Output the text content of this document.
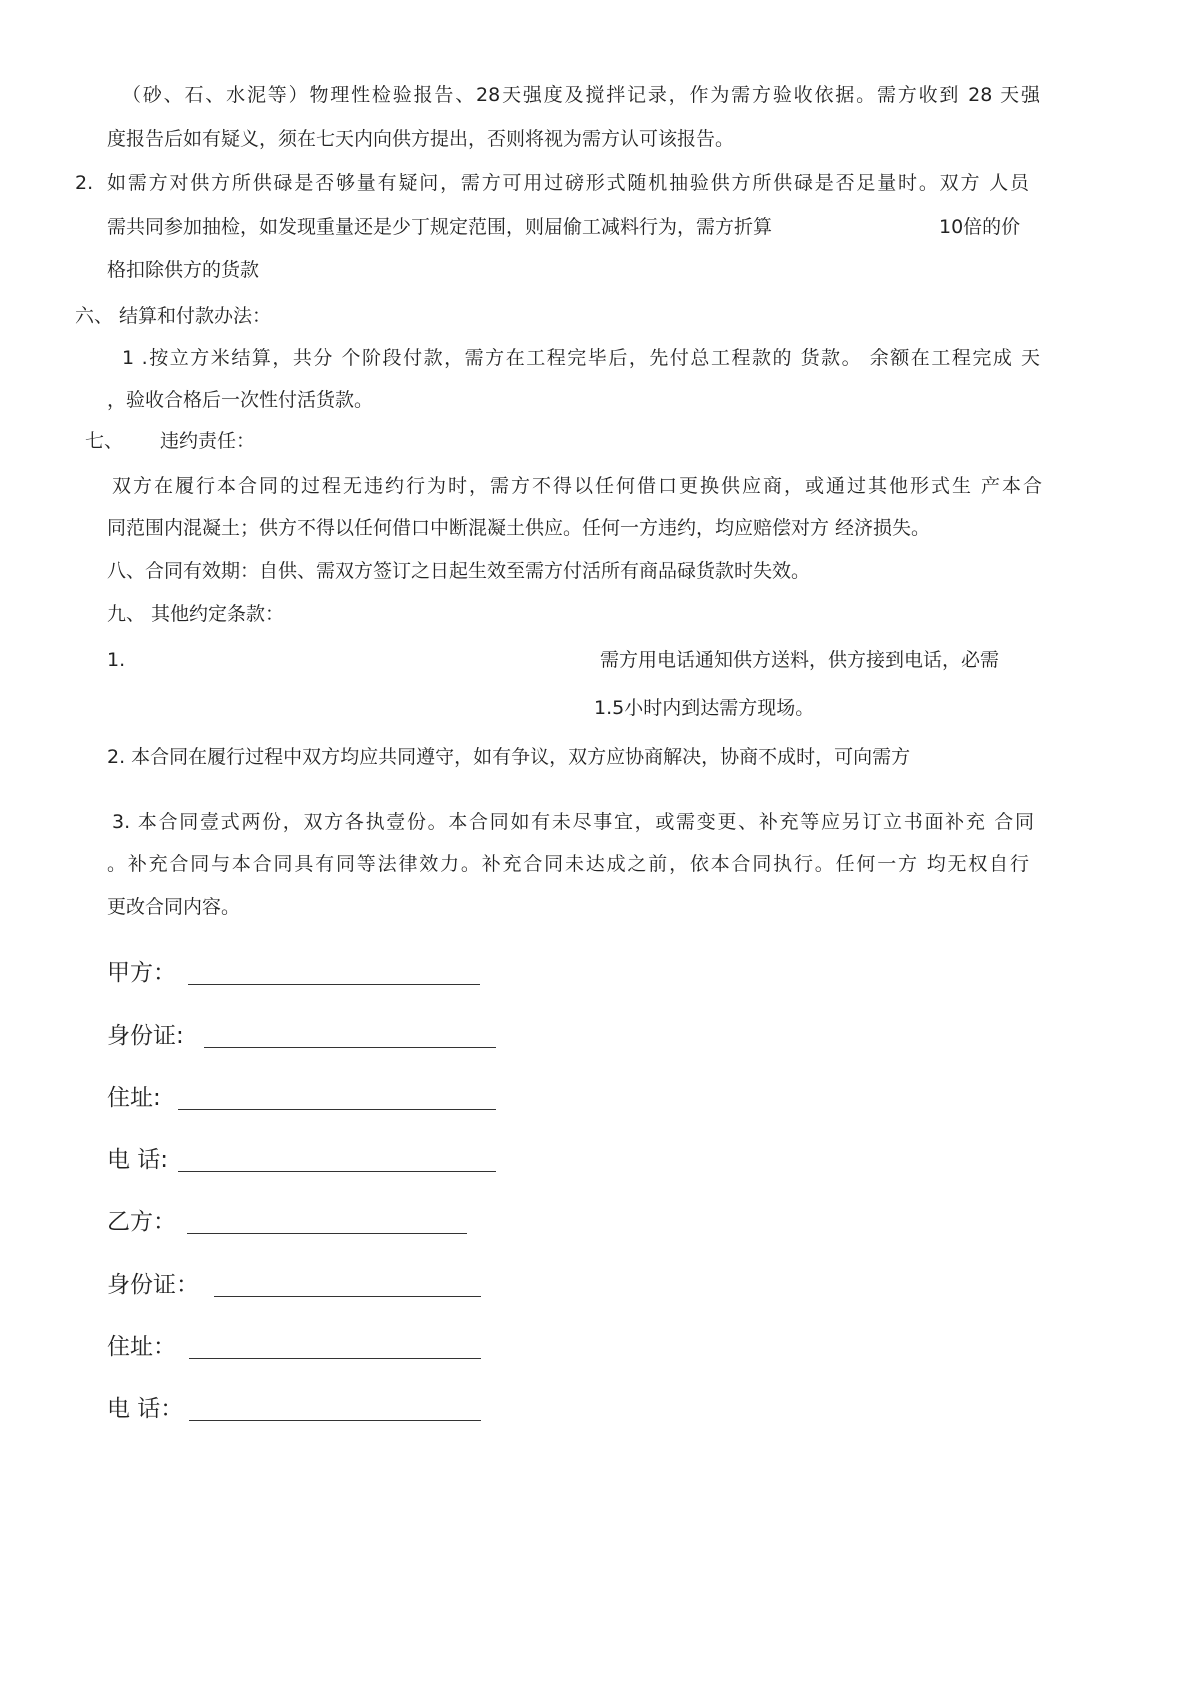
（砂、石、水泥等）物理性检验报告、28天强度及搅拌记录，作为需方验收依据。需方收到 28 天强
度报告后如有疑义，须在七天内向供方提出，否则将视为需方认可该报告。
2. 如需方对供方所供碌是否够量有疑问，需方可用过磅形式随机抽验供方所供碌是否足量时。双方 人员
需共同参加抽检，如发现重量还是少丁规定范围，则屇偷工减料行为，需方折算	10倍的价
格扣除供方的货款
六、 结算和付款办法：
1 .按立方米结算，共分 个阶段付款，需方在工程完毕后，先付总工程款的 货款。 余额在工程完成 天
，验收合格后一次性付活货款。
七、 违约责任：
双方在履行本合同的过程无违约行为时，需方不得以任何借口更换供应商，或通过其他形式生 产本合
同范围内混凝土；供方不得以任何借口中断混凝土供应。任何一方违约，均应赔偿对方 经济损失。
八、合同有效期：自供、需双方签订之日起生效至需方付活所有商品碌货款时失效。
九、 其他约定条款：
1.	需方用电话通知供方送料，供方接到电话，必需
1.5小时内到达需方现场。
2. 本合同在履行过程中双方均应共同遵守，如有争议，双方应协商解决，协商不成时，可向需方
3. 本合同壹式两份，双方各执壹份。本合同如有未尽事宜，或需变更、补充等应另订立书面补充 合同
。补充合同与本合同具有同等法律效力。补充合同未达成之前，依本合同执行。任何一方 均无权自行
更改合同内容。
甲方：
身份证:
住址:
电 话:
乙方：
身份证：
住址：
电 话：
